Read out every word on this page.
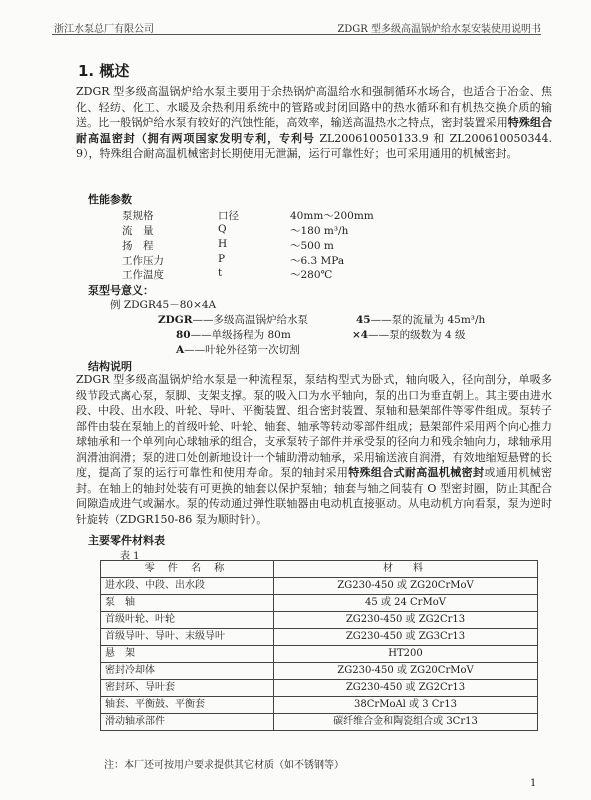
浙江水泵总厂有限公司	ZDGR 型多级高温锅炉给水泵安装使用说明书
1. 概述
ZDGR 型多级高温锅炉给水泵主要用于余热锅炉高温给水和强制循环水场合，也适合于冶金、焦化、轻纺、化工、水暖及余热利用系统中的管路或封闭回路中的热水循环和有机热交换介质的输送。比一般锅炉给水泵有较好的汽蚀性能，高效率，输送高温热水之特点，密封装置采用特殊组合耐高温密封（拥有两项国家发明专利，专利号 ZL200610050133.9 和 ZL200610050344.9），特殊组合耐高温机械密封长期使用无泄漏，运行可靠性好；也可采用通用的机械密封。
性能参数
泵规格	口径	40mm～200mm
流　量	Q	～180 m³/h
扬　程	H	～500 m
工作压力	P	～6.3 MPa
工作温度	t	～280℃
泵型号意义：
例 ZDGR45－80×4A
ZDGR——多级高温锅炉给水泵	45——泵的流量为 45m³/h
80——单级扬程为 80m	×4——泵的级数为 4 级
A——叶轮外径第一次切割
结构说明
ZDGR 型多级高温锅炉给水泵是一种流程泵，泵结构型式为卧式，轴向吸入，径向剖分，单吸多级节段式离心泵，泵脚、支架支撑。泵的吸入口为水平轴向，泵的出口为垂直朝上。其主要由进水段、中段、出水段、叶轮、导叶、平衡装置、组合密封装置、泵轴和悬架部件等零件组成。泵转子部件由装在泵轴上的首级叶轮、叶轮、轴套、轴承等转动零部件组成；悬架部件采用两个向心推力球轴承和一个单列向心球轴承的组合，支承泵转子部件并承受泵的径向力和残余轴向力，球轴承用润滑油润滑；泵的进口处创新地设计一个辅助滑动轴承，采用输送液自润滑，有效地缩短悬臂的长度，提高了泵的运行可靠性和使用寿命。泵的轴封采用特殊组合式耐高温机械密封或通用机械密封。在轴上的轴封处装有可更换的轴套以保护泵轴；轴套与轴之间装有 O 型密封圈，防止其配合间隙造成进气或漏水。泵的传动通过弹性联轴器由电动机直接驱动。从电动机方向看泵，泵为逆时针旋转（ZDGR150-86 泵为顺时针）。
主要零件材料表
表 1
零 件 名 称	材　料
进水段、中段、出水段	ZG230-450 或 ZG20CrMoV
泵　轴	45 或 24 CrMoV
首级叶轮、叶轮	ZG230-450 或 ZG2Cr13
首级导叶、导叶、末级导叶	ZG230-450 或 ZG3Cr13
悬　架	HT200
密封冷却体	ZG230-450 或 ZG20CrMoV
密封环、导叶套	ZG230-450 或 ZG2Cr13
轴套、平衡鼓、平衡套	38CrMoAl 或 3 Cr13
滑动轴承部件	碳纤维合金和陶瓷组合或 3Cr13
注：本厂还可按用户要求提供其它材质（如不锈钢等）
1
